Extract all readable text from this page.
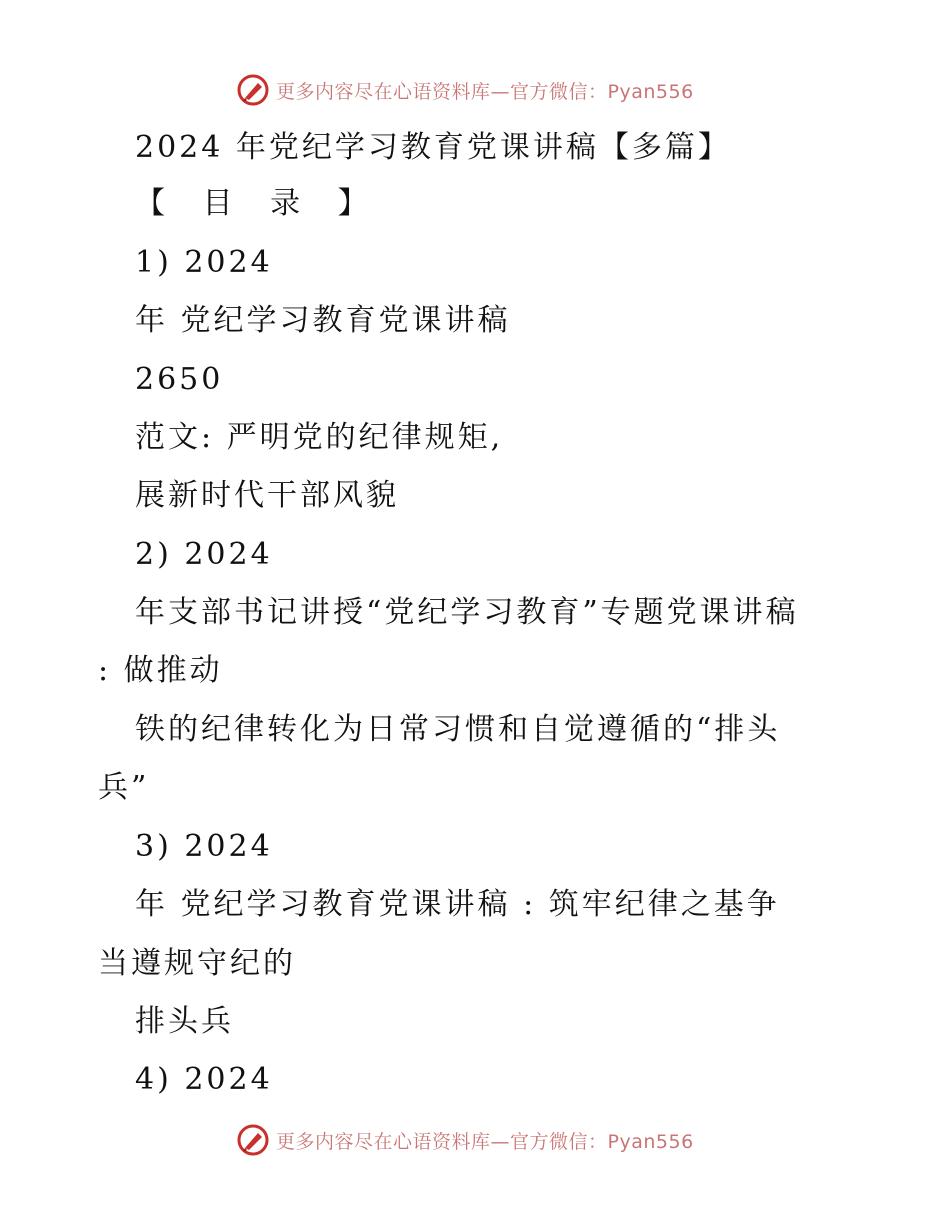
更多内容尽在心语资料库—官方微信：Pyan556
2024 年党纪学习教育党课讲稿【多篇】
【 目 录 】
1) 2024
年 党纪学习教育党课讲稿
2650
范文: 严明党的纪律规矩,
展新时代干部风貌
2) 2024
年支部书记讲授“党纪学习教育”专题党课讲稿
: 做推动
铁的纪律转化为日常习惯和自觉遵循的“排头
兵”
3) 2024
年 党纪学习教育党课讲稿 : 筑牢纪律之基争
当遵规守纪的
排头兵
4) 2024
更多内容尽在心语资料库—官方微信：Pyan556
